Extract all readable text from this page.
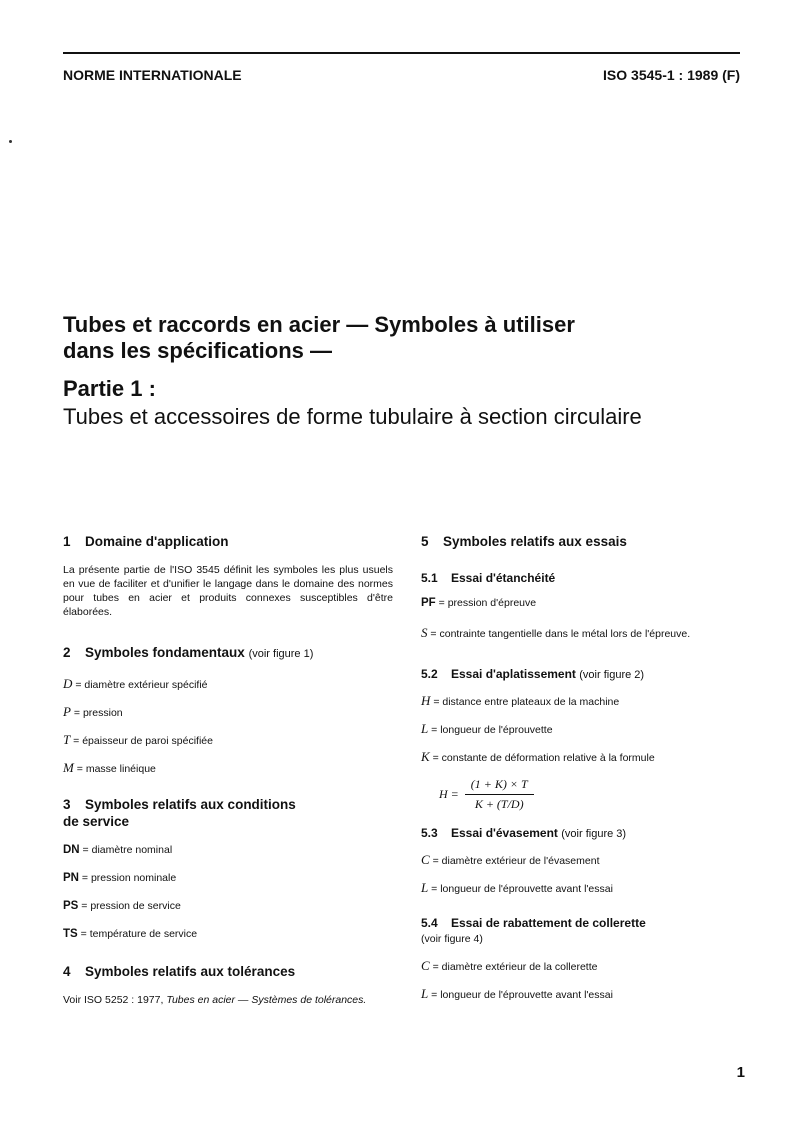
NORME INTERNATIONALE	ISO 3545-1 : 1989 (F)
Tubes et raccords en acier — Symboles à utiliser
dans les spécifications —
Partie 1 :
Tubes et accessoires de forme tubulaire à section circulaire
1 Domaine d'application

La présente partie de l'ISO 3545 définit les symboles les plus usuels en vue de faciliter et d'unifier le langage dans le domaine des normes pour tubes en acier et produits connexes susceptibles d'être élaborées.

2 Symboles fondamentaux (voir figure 1)

D = diamètre extérieur spécifié

P = pression

T = épaisseur de paroi spécifiée

M = masse linéique

3 Symboles relatifs aux conditions
de service

DN = diamètre nominal

PN = pression nominale

PS = pression de service

TS = température de service

4 Symboles relatifs aux tolérances

Voir ISO 5252 : 1977, Tubes en acier — Systèmes de tolérances.

5 Symboles relatifs aux essais
5.1 Essai d'étanchéité

PF = pression d'épreuve

S = contrainte tangentielle dans le métal lors de l'épreuve.

5.2 Essai d'aplatissement (voir figure 2)

H = distance entre plateaux de la machine

L = longueur de l'éprouvette

K = constante de déformation relative à la formule

$H = \frac{(1 + K) \times T}{K + (T/D)}$
5.3 Essai d'évasement (voir figure 3)

C = diamètre extérieur de l'évasement

L = longueur de l'éprouvette avant l'essai

5.4 Essai de rabattement de collerette
(voir figure 4)

C = diamètre extérieur de la collerette

L = longueur de l'éprouvette avant l'essai

1
